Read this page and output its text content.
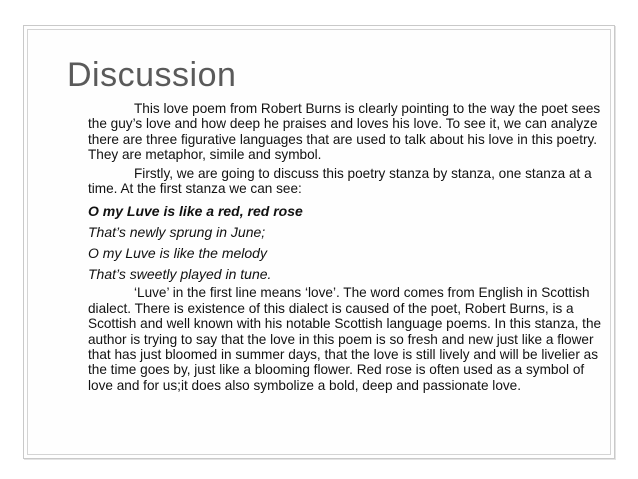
Discussion

This love poem from Robert Burns is clearly pointing to the way the poet sees the guy’s love and how deep he praises and loves his love. To see it, we can analyze there are three figurative languages that are used to talk about his love in this poetry. They are metaphor, simile and symbol.

Firstly, we are going to discuss this poetry stanza by stanza, one stanza at a time. At the first stanza we can see:

O my Luve is like a red, red rose
That’s newly sprung in June;
O my Luve is like the melody
That’s sweetly played in tune.

‘Luve’ in the first line means ‘love’. The word comes from English in Scottish dialect. There is existence of this dialect is caused of the poet, Robert Burns, is a Scottish and well known with his notable Scottish language poems. In this stanza, the author is trying to say that the love in this poem is so fresh and new just like a flower that has just bloomed in summer days, that the love is still lively and will be livelier as the time goes by, just like a blooming flower. Red rose is often used as a symbol of love and for us;it does also symbolize a bold, deep and passionate love.
